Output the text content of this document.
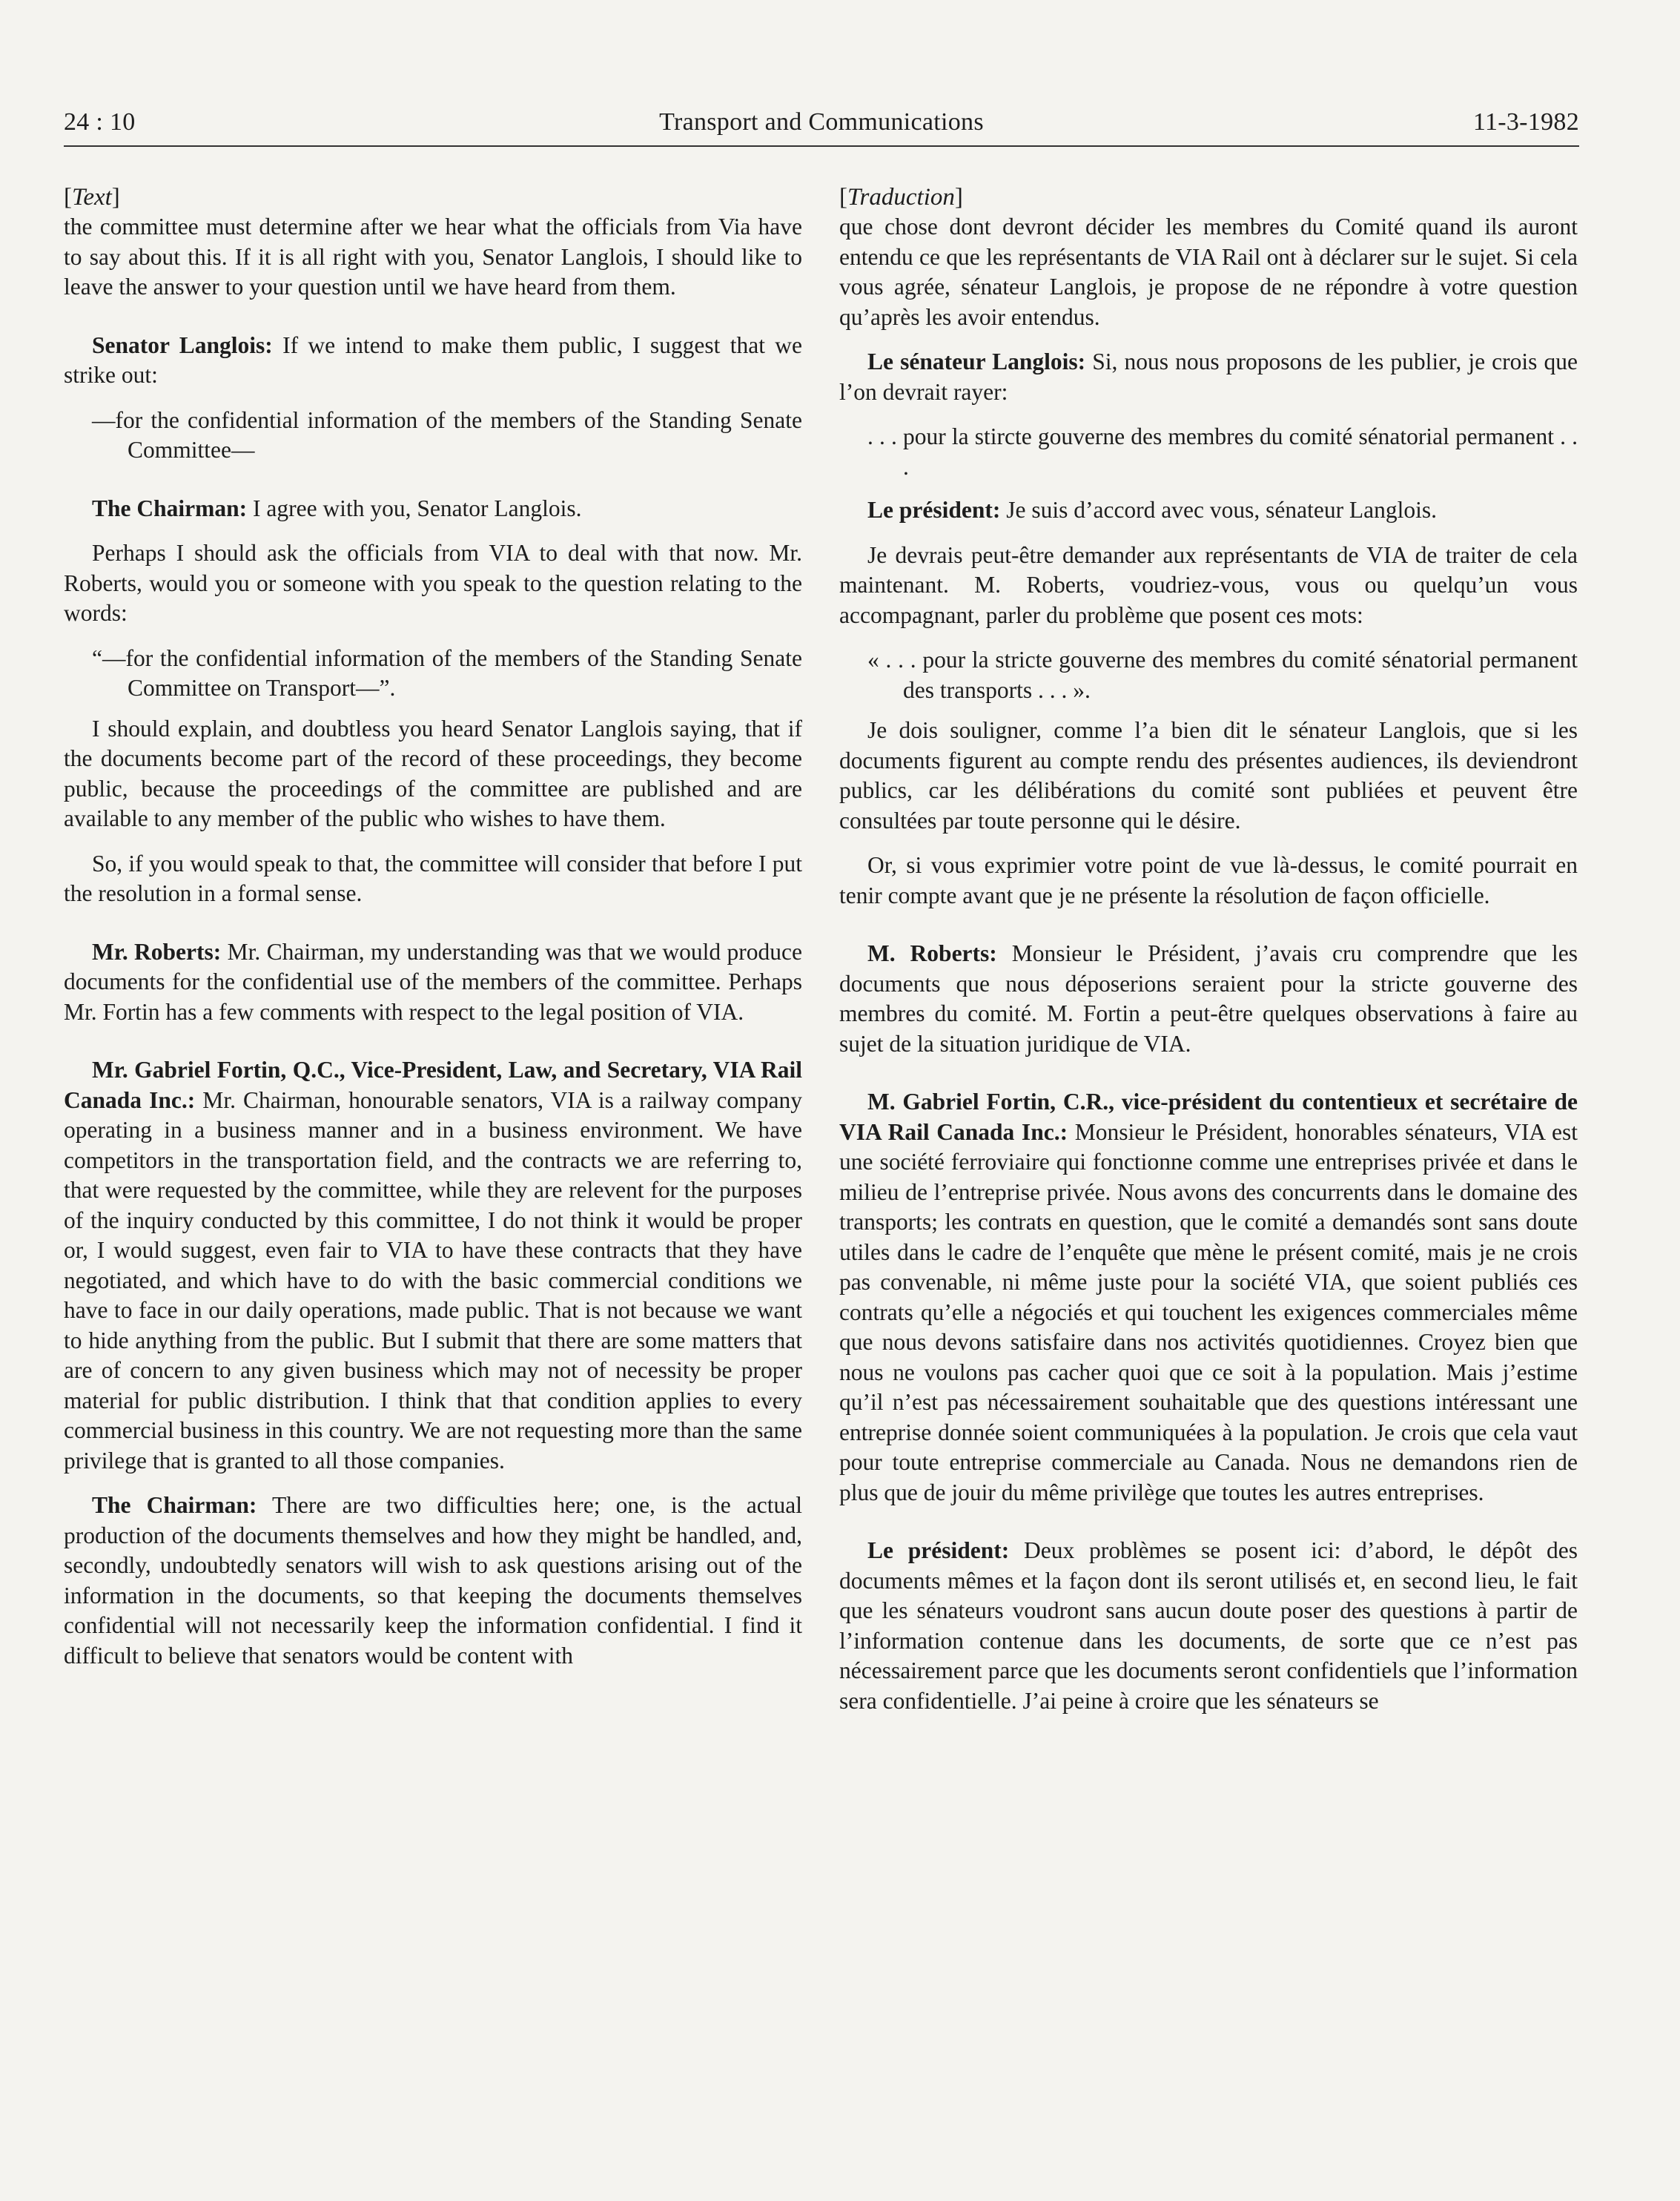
24 : 10	Transport and Communications	11-3-1982
[Text]

the committee must determine after we hear what the officials from Via have to say about this. If it is all right with you, Senator Langlois, I should like to leave the answer to your question until we have heard from them.

Senator Langlois: If we intend to make them public, I suggest that we strike out:

—for the confidential information of the members of the Standing Senate Committee—

The Chairman: I agree with you, Senator Langlois.

Perhaps I should ask the officials from VIA to deal with that now. Mr. Roberts, would you or someone with you speak to the question relating to the words:

“—for the confidential information of the members of the Standing Senate Committee on Transport—”.

I should explain, and doubtless you heard Senator Langlois saying, that if the documents become part of the record of these proceedings, they become public, because the proceedings of the committee are published and are available to any member of the public who wishes to have them.

So, if you would speak to that, the committee will consider that before I put the resolution in a formal sense.

Mr. Roberts: Mr. Chairman, my understanding was that we would produce documents for the confidential use of the members of the committee. Perhaps Mr. Fortin has a few comments with respect to the legal position of VIA.

Mr. Gabriel Fortin, Q.C., Vice-President, Law, and Secretary, VIA Rail Canada Inc.: Mr. Chairman, honourable senators, VIA is a railway company operating in a business manner and in a business environment. We have competitors in the transportation field, and the contracts we are referring to, that were requested by the committee, while they are relevent for the purposes of the inquiry conducted by this committee, I do not think it would be proper or, I would suggest, even fair to VIA to have these contracts that they have negotiated, and which have to do with the basic commercial conditions we have to face in our daily operations, made public. That is not because we want to hide anything from the public. But I submit that there are some matters that are of concern to any given business which may not of necessity be proper material for public distribution. I think that that condition applies to every commercial business in this country. We are not requesting more than the same privilege that is granted to all those companies.

The Chairman: There are two difficulties here; one, is the actual production of the documents themselves and how they might be handled, and, secondly, undoubtedly senators will wish to ask questions arising out of the information in the documents, so that keeping the documents themselves confidential will not necessarily keep the information confidential. I find it difficult to believe that senators would be content with

[Traduction]

que chose dont devront décider les membres du Comité quand ils auront entendu ce que les représentants de VIA Rail ont à déclarer sur le sujet. Si cela vous agrée, sénateur Langlois, je propose de ne répondre à votre question qu’après les avoir entendus.

Le sénateur Langlois: Si, nous nous proposons de les publier, je crois que l’on devrait rayer:

. . . pour la stircte gouverne des membres du comité sénatorial permanent . . .

Le président: Je suis d’accord avec vous, sénateur Langlois.

Je devrais peut-être demander aux représentants de VIA de traiter de cela maintenant. M. Roberts, voudriez-vous, vous ou quelqu’un vous accompagnant, parler du problème que posent ces mots:

« . . . pour la stricte gouverne des membres du comité sénatorial permanent des transports . . . ».

Je dois souligner, comme l’a bien dit le sénateur Langlois, que si les documents figurent au compte rendu des présentes audiences, ils deviendront publics, car les délibérations du comité sont publiées et peuvent être consultées par toute personne qui le désire.

Or, si vous exprimier votre point de vue là-dessus, le comité pourrait en tenir compte avant que je ne présente la résolution de façon officielle.

M. Roberts: Monsieur le Président, j’avais cru comprendre que les documents que nous déposerions seraient pour la stricte gouverne des membres du comité. M. Fortin a peut-être quelques observations à faire au sujet de la situation juridique de VIA.

M. Gabriel Fortin, C.R., vice-président du contentieux et secrétaire de VIA Rail Canada Inc.: Monsieur le Président, honorables sénateurs, VIA est une société ferroviaire qui fonctionne comme une entreprises privée et dans le milieu de l’entreprise privée. Nous avons des concurrents dans le domaine des transports; les contrats en question, que le comité a demandés sont sans doute utiles dans le cadre de l’enquête que mène le présent comité, mais je ne crois pas convenable, ni même juste pour la société VIA, que soient publiés ces contrats qu’elle a négociés et qui touchent les exigences commerciales même que nous devons satisfaire dans nos activités quotidiennes. Croyez bien que nous ne voulons pas cacher quoi que ce soit à la population. Mais j’estime qu’il n’est pas nécessairement souhaitable que des questions intéressant une entreprise donnée soient communiquées à la population. Je crois que cela vaut pour toute entreprise commerciale au Canada. Nous ne demandons rien de plus que de jouir du même privilège que toutes les autres entreprises.

Le président: Deux problèmes se posent ici: d’abord, le dépôt des documents mêmes et la façon dont ils seront utilisés et, en second lieu, le fait que les sénateurs voudront sans aucun doute poser des questions à partir de l’information contenue dans les documents, de sorte que ce n’est pas nécessairement parce que les documents seront confidentiels que l’information sera confidentielle. J’ai peine à croire que les sénateurs se
